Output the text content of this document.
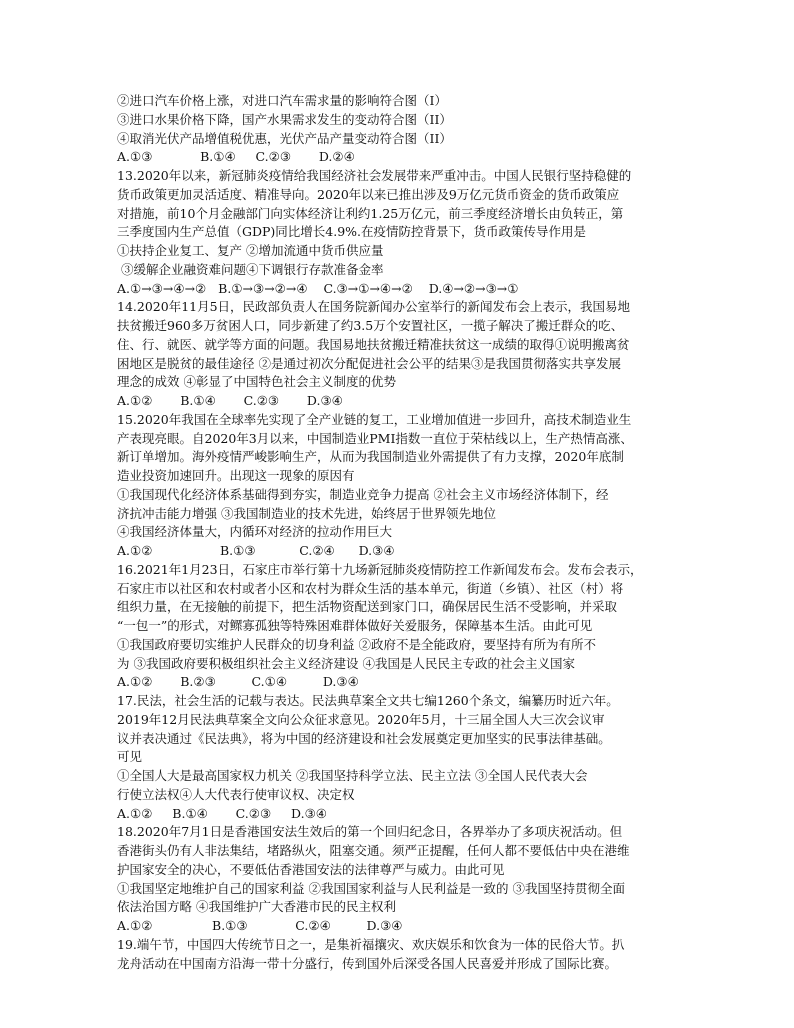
②进口汽车价格上涨，对进口汽车需求量的影响符合图（I）
③进口水果价格下降，国产水果需求发生的变动符合图（II）
④取消光伏产品增值税优惠，光伏产品产量变动符合图（II）
A.①③            B.①④     C.②③       D.②④
13.2020年以来，新冠肺炎疫情给我国经济社会发展带来严重冲击。中国人民银行坚持稳健的
货币政策更加灵活适度、精准导向。2020年以来已推出涉及9万亿元货币资金的货币政策应
对措施，前10个月金融部门向实体经济让利约1.25万亿元，前三季度经济增长由负转正，第
三季度国内生产总值（GDP)同比增长4.9%.在疫情防控背景下，货币政策传导作用是
①扶持企业复工、复产 ②增加流通中货币供应量
③缓解企业融资难问题④下调银行存款准备金率
A.①→③→④→②   B.①→③→②→④    C.③→①→④→②    D.④→②→③→①
14.2020年11月5日，民政部负责人在国务院新闻办公室举行的新闻发布会上表示，我国易地
扶贫搬迁960多万贫困人口，同步新建了约3.5万个安置社区，一揽子解决了搬迁群众的吃、
住、行、就医、就学等方面的问题。我国易地扶贫搬迁精准扶贫这一成绩的取得①说明搬离贫
困地区是脱贫的最佳途径 ②是通过初次分配促进社会公平的结果③是我国贯彻落实共享发展
理念的成效 ④彰显了中国特色社会主义制度的优势
A.①②       B.①④       C.②③       D.③④
15.2020年我国在全球率先实现了全产业链的复工，工业增加值进一步回升，高技术制造业生
产表现亮眼。自2020年3月以来，中国制造业PMI指数一直位于荣枯线以上，生产热情高涨、
新订单增加。海外疫情严峻影响生产，从而为我国制造业外需提供了有力支撑，2020年底制
造业投资加速回升。出现这一现象的原因有
①我国现代化经济体系基础得到夯实，制造业竞争力提高 ②社会主义市场经济体制下，经
济抗冲击能力增强 ③我国制造业的技术先进，始终居于世界领先地位
④我国经济体量大，内循环对经济的拉动作用巨大
A.①②                 B.①③           C.②④      D.③④
16.2021年1月23日，石家庄市举行第十九场新冠肺炎疫情防控工作新闻发布会。发布会表示，
石家庄市以社区和农村或者小区和农村为群众生活的基本单元，街道（乡镇）、社区（村）将
组织力量，在无接触的前提下，把生活物资配送到家门口，确保居民生活不受影响，并采取
“一包一”的形式，对鳏寡孤独等特殊困难群体做好关爱服务，保障基本生活。由此可见
①我国政府要切实维护人民群众的切身利益 ②政府不是全能政府，要坚持有所为有所不
为 ③我国政府要积极组织社会主义经济建设 ④我国是人民民主专政的社会主义国家
A.①②       B.②③         C.①④         D.③④
17.民法，社会生活的记载与表达。民法典草案全文共七编1260个条文，编纂历时近六年。
2019年12月民法典草案全文向公众征求意见。2020年5月，十三届全国人大三次会议审
议并表决通过《民法典》，将为中国的经济建设和社会发展奠定更加坚实的民事法律基础。
可见
①全国人大是最高国家权力机关 ②我国坚持科学立法、民主立法 ③全国人民代表大会
行使立法权④人大代表行使审议权、决定权
A.①②     B.①④       C.②③     D.③④
18.2020年7月1日是香港国安法生效后的第一个回归纪念日，各界举办了多项庆祝活动。但
香港街头仍有人非法集结，堵路纵火，阻塞交通。须严正提醒，任何人都不要低估中央在港维
护国家安全的决心，不要低估香港国安法的法律尊严与威力。由此可见
①我国坚定地维护自己的国家利益 ②我国国家利益与人民利益是一致的 ③我国坚持贯彻全面
依法治国方略 ④我国维护广大香港市民的民主权利
A.①②               B.①③            C.②④         D.③④
19.端午节，中国四大传统节日之一，是集祈福攘灾、欢庆娱乐和饮食为一体的民俗大节。扒
龙舟活动在中国南方沿海一带十分盛行，传到国外后深受各国人民喜爱并形成了国际比赛。
